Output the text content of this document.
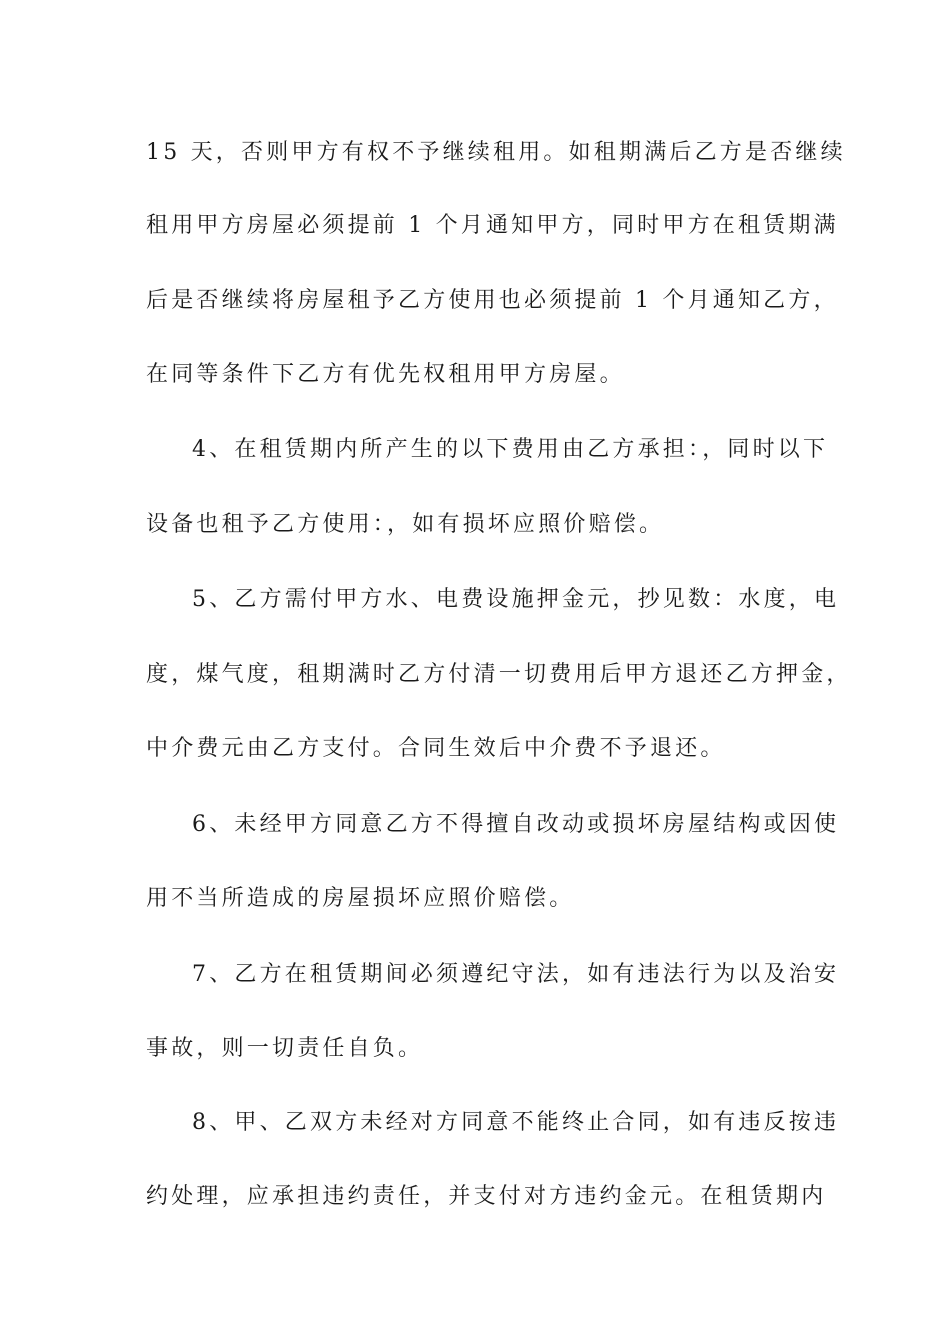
15 天，否则甲方有权不予继续租用。如租期满后乙方是否继续
租用甲方房屋必须提前 1 个月通知甲方，同时甲方在租赁期满
后是否继续将房屋租予乙方使用也必须提前 1 个月通知乙方，
在同等条件下乙方有优先权租用甲方房屋。
4、在租赁期内所产生的以下费用由乙方承担：，同时以下
设备也租予乙方使用：，如有损坏应照价赔偿。
5、乙方需付甲方水、电费设施押金元，抄见数：水度，电
度，煤气度，租期满时乙方付清一切费用后甲方退还乙方押金，
中介费元由乙方支付。合同生效后中介费不予退还。
6、未经甲方同意乙方不得擅自改动或损坏房屋结构或因使
用不当所造成的房屋损坏应照价赔偿。
7、乙方在租赁期间必须遵纪守法，如有违法行为以及治安
事故，则一切责任自负。
8、甲、乙双方未经对方同意不能终止合同，如有违反按违
约处理，应承担违约责任，并支付对方违约金元。在租赁期内
